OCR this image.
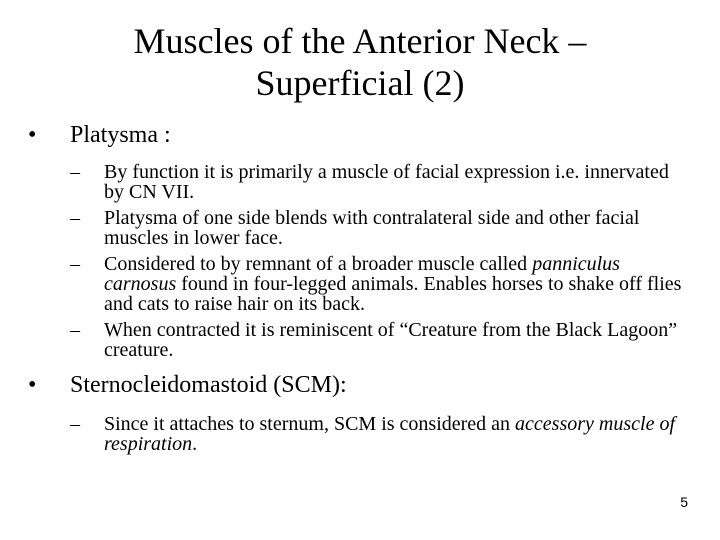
Muscles of the Anterior Neck –
Superficial (2)

• Platysma :

– By function it is primarily a muscle of facial expression i.e. innervated by CN VII.
– Platysma of one side blends with contralateral side and other facial muscles in lower face.
– Considered to by remnant of a broader muscle called panniculus carnosus found in four-legged animals. Enables horses to shake off flies and cats to raise hair on its back.
– When contracted it is reminiscent of “Creature from the Black Lagoon” creature.

• Sternocleidomastoid (SCM):

– Since it attaches to sternum, SCM is considered an accessory muscle of respiration.
5
